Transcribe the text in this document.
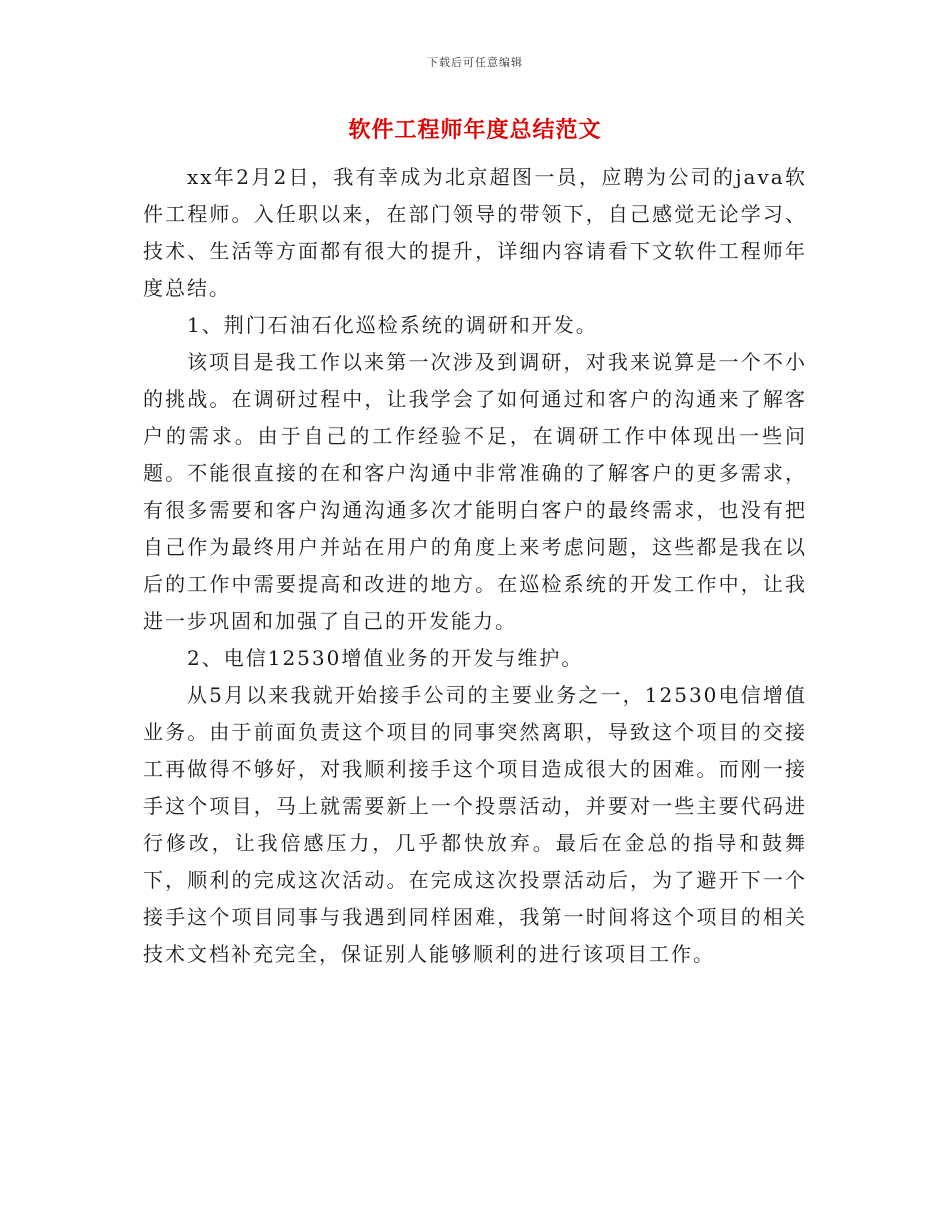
下载后可任意编辑
软件工程师年度总结范文

xx年2月2日，我有幸成为北京超图一员，应聘为公司的java软件工程师。入任职以来，在部门领导的带领下，自己感觉无论学习、技术、生活等方面都有很大的提升，详细内容请看下文软件工程师年度总结。

1、荆门石油石化巡检系统的调研和开发。

该项目是我工作以来第一次涉及到调研，对我来说算是一个不小的挑战。在调研过程中，让我学会了如何通过和客户的沟通来了解客户的需求。由于自己的工作经验不足，在调研工作中体现出一些问题。不能很直接的在和客户沟通中非常准确的了解客户的更多需求，有很多需要和客户沟通沟通多次才能明白客户的最终需求，也没有把自己作为最终用户并站在用户的角度上来考虑问题，这些都是我在以后的工作中需要提高和改进的地方。在巡检系统的开发工作中，让我进一步巩固和加强了自己的开发能力。

2、电信12530增值业务的开发与维护。

从5月以来我就开始接手公司的主要业务之一，12530电信增值业务。由于前面负责这个项目的同事突然离职，导致这个项目的交接工再做得不够好，对我顺利接手这个项目造成很大的困难。而刚一接手这个项目，马上就需要新上一个投票活动，并要对一些主要代码进行修改，让我倍感压力，几乎都快放弃。最后在金总的指导和鼓舞下，顺利的完成这次活动。在完成这次投票活动后，为了避开下一个接手这个项目同事与我遇到同样困难，我第一时间将这个项目的相关技术文档补充完全，保证别人能够顺利的进行该项目工作。
